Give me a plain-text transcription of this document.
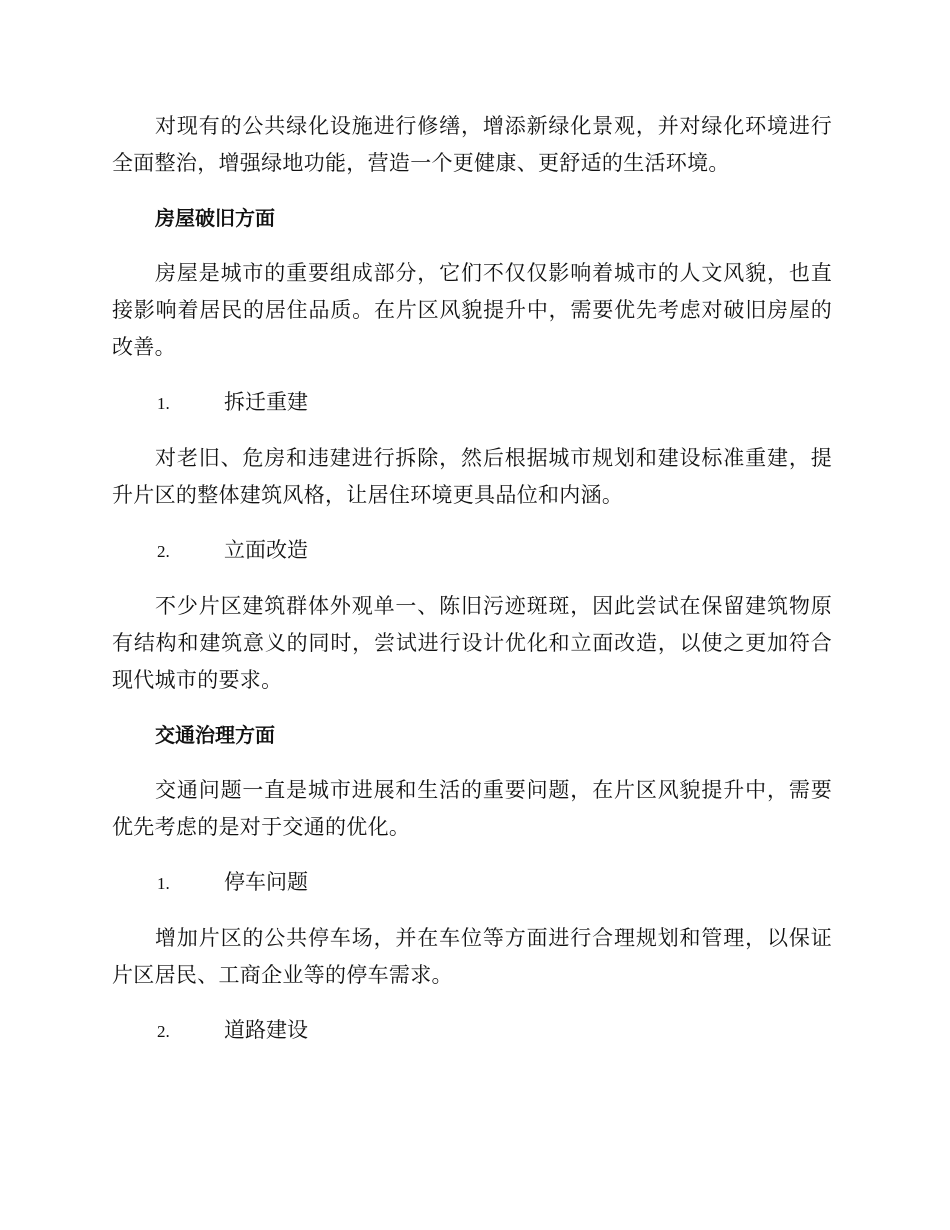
对现有的公共绿化设施进行修缮，增添新绿化景观，并对绿化环境进行全面整治，增强绿地功能，营造一个更健康、更舒适的生活环境。

房屋破旧方面

房屋是城市的重要组成部分，它们不仅仅影响着城市的人文风貌，也直接影响着居民的居住品质。在片区风貌提升中，需要优先考虑对破旧房屋的改善。

1.	拆迁重建

对老旧、危房和违建进行拆除，然后根据城市规划和建设标准重建，提升片区的整体建筑风格，让居住环境更具品位和内涵。

2.	立面改造

不少片区建筑群体外观单一、陈旧污迹斑斑，因此尝试在保留建筑物原有结构和建筑意义的同时，尝试进行设计优化和立面改造，以使之更加符合现代城市的要求。

交通治理方面

交通问题一直是城市进展和生活的重要问题，在片区风貌提升中，需要优先考虑的是对于交通的优化。

1.	停车问题

增加片区的公共停车场，并在车位等方面进行合理规划和管理，以保证片区居民、工商企业等的停车需求。

2.	道路建设
